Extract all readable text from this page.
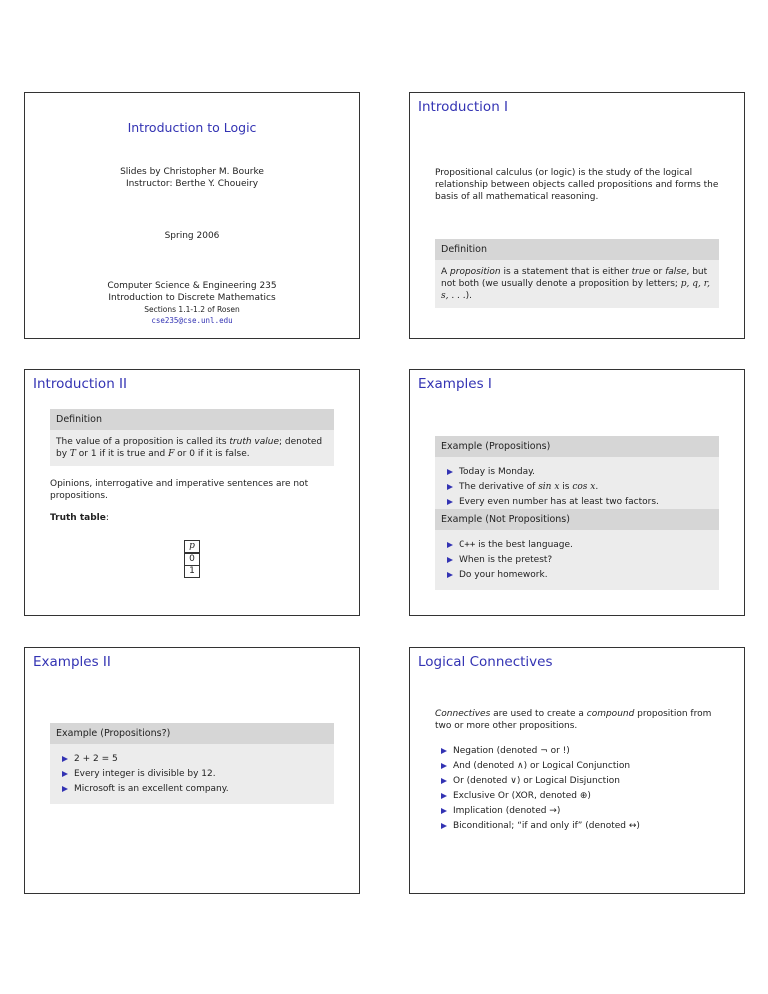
Introduction to Logic
Slides by Christopher M. Bourke
Instructor: Berthe Y. Choueiry
Spring 2006
Computer Science & Engineering 235
Introduction to Discrete Mathematics
Sections 1.1-1.2 of Rosen
cse235@cse.unl.edu
Introduction I
Propositional calculus (or logic) is the study of the logical relationship between objects called propositions and forms the basis of all mathematical reasoning.
Definition
A proposition is a statement that is either true or false, but not both (we usually denote a proposition by letters; p, q, r, s, . . .).
Introduction II
Definition
The value of a proposition is called its truth value; denoted by T or 1 if it is true and F or 0 if it is false.
Opinions, interrogative and imperative sentences are not propositions.
Truth table:
p
0
1
Examples I
Example (Propositions)
Today is Monday.
The derivative of sin x is cos x.
Every even number has at least two factors.
Example (Not Propositions)
C++ is the best language.
When is the pretest?
Do your homework.
Examples II
Example (Propositions?)
2 + 2 = 5
Every integer is divisible by 12.
Microsoft is an excellent company.
Logical Connectives
Connectives are used to create a compound proposition from two or more other propositions.
Negation (denoted ¬ or !)
And (denoted ∧) or Logical Conjunction
Or (denoted ∨) or Logical Disjunction
Exclusive Or (XOR, denoted ⊕)
Implication (denoted →)
Biconditional; “if and only if” (denoted ↔)
